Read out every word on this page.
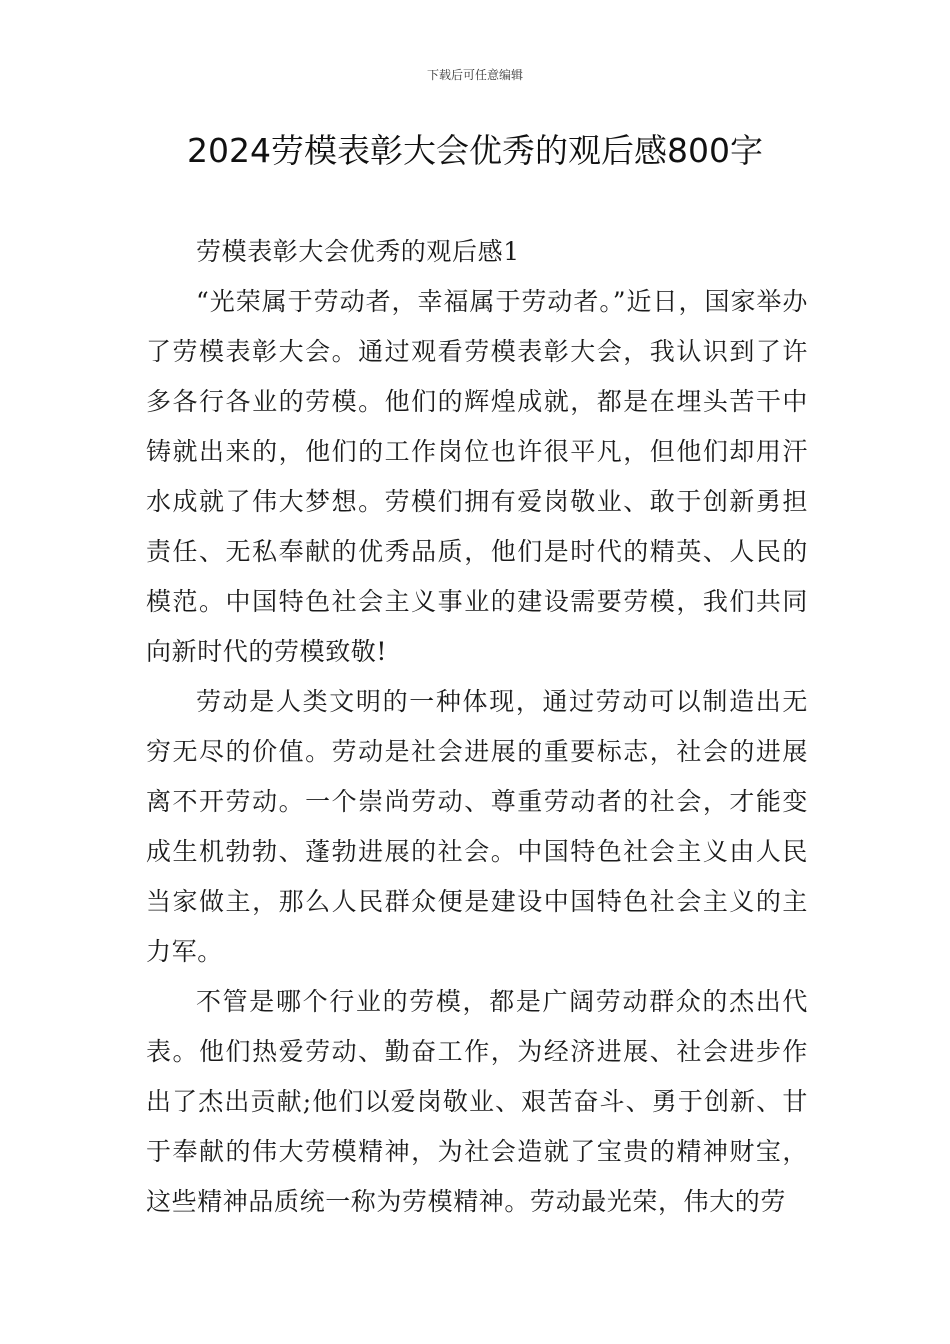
下载后可任意编辑
2024劳模表彰大会优秀的观后感800字

劳模表彰大会优秀的观后感1

“光荣属于劳动者，幸福属于劳动者。”近日，国家举办了劳模表彰大会。通过观看劳模表彰大会，我认识到了许多各行各业的劳模。他们的辉煌成就，都是在埋头苦干中铸就出来的，他们的工作岗位也许很平凡，但他们却用汗水成就了伟大梦想。劳模们拥有爱岗敬业、敢于创新勇担责任、无私奉献的优秀品质，他们是时代的精英、人民的模范。中国特色社会主义事业的建设需要劳模，我们共同向新时代的劳模致敬!

劳动是人类文明的一种体现，通过劳动可以制造出无穷无尽的价值。劳动是社会进展的重要标志，社会的进展离不开劳动。一个崇尚劳动、尊重劳动者的社会，才能变成生机勃勃、蓬勃进展的社会。中国特色社会主义由人民当家做主，那么人民群众便是建设中国特色社会主义的主力军。

不管是哪个行业的劳模，都是广阔劳动群众的杰出代表。他们热爱劳动、勤奋工作，为经济进展、社会进步作出了杰出贡献;他们以爱岗敬业、艰苦奋斗、勇于创新、甘于奉献的伟大劳模精神，为社会造就了宝贵的精神财宝，这些精神品质统一称为劳模精神。劳动最光荣，伟大的劳
